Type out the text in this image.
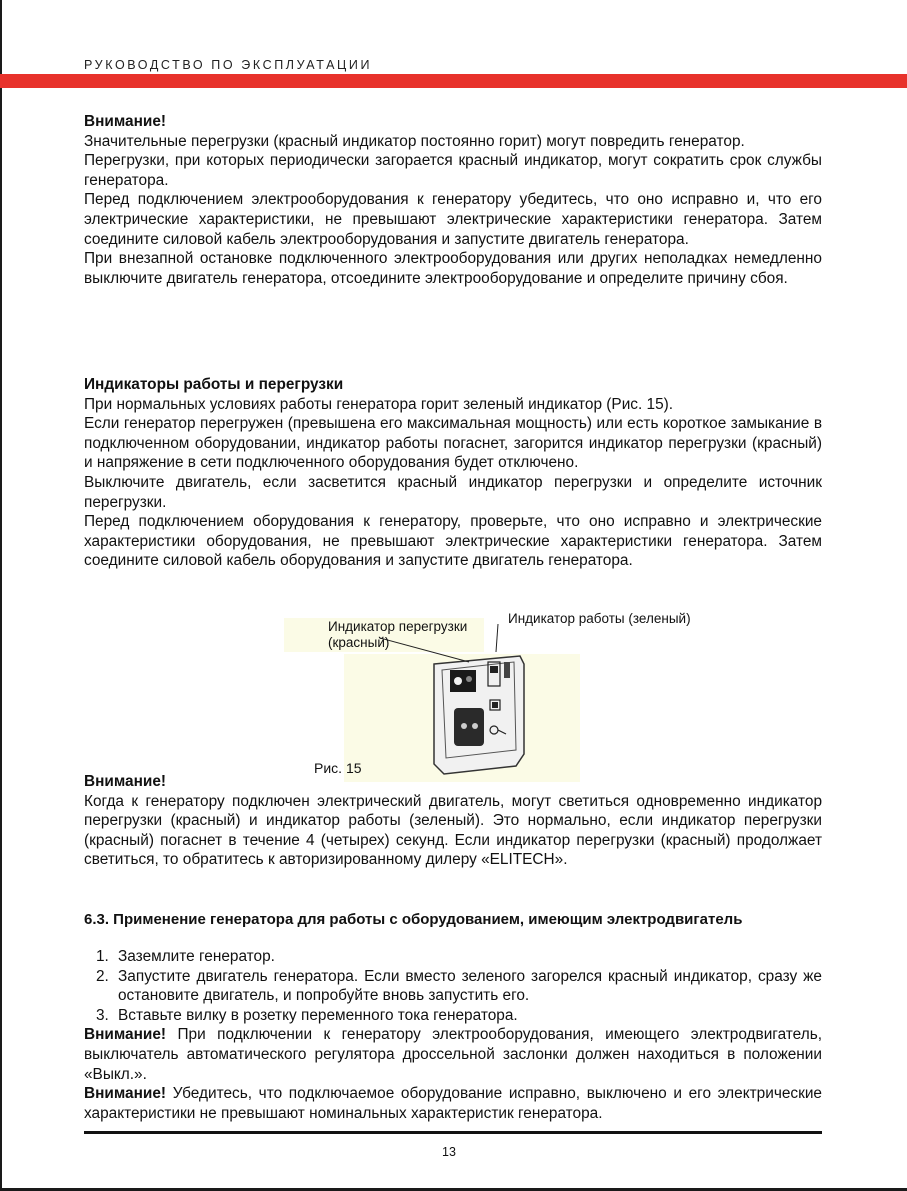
РУКОВОДСТВО ПО ЭКСПЛУАТАЦИИ

Внимание!

Значительные перегрузки (красный индикатор постоянно горит) могут повредить генератор.

Перегрузки, при которых периодически загорается красный индикатор, могут сократить срок службы генератора.

Перед подключением электрооборудования к генератору убедитесь, что оно исправно и, что его электрические характеристики, не превышают электрические характеристики генератора. Затем соедините силовой кабель электрооборудования и запустите двигатель генератора.

При внезапной остановке подключенного электрооборудования или других неполадках немедленно выключите двигатель генератора, отсоедините электрооборудование и определите причину сбоя.

Индикаторы работы и перегрузки

При нормальных условиях работы генератора горит зеленый индикатор (Рис. 15).

Если генератор перегружен (превышена его максимальная мощность) или есть короткое замыкание в подключенном оборудовании, индикатор работы погаснет, загорится индикатор перегрузки (красный) и напряжение в сети подключенного оборудования будет отключено.

Выключите двигатель, если засветится красный индикатор перегрузки и определите источник перегрузки.

Перед подключением оборудования к генератору, проверьте, что оно исправно и электрические характеристики оборудования, не превышают электрические характеристики генератора. Затем соедините силовой кабель оборудования и запустите двигатель генератора.

Индикатор перегрузки
(красный)
Индикатор работы (зеленый)
Рис. 15

Внимание!

Когда к генератору подключен электрический двигатель, могут светиться одновременно индикатор перегрузки (красный) и индикатор работы (зеленый). Это нормально, если индикатор перегрузки (красный) погаснет в течение 4 (четырех) секунд. Если индикатор перегрузки (красный) продолжает светиться, то обратитесь к авторизированному дилеру «ELITECH».

6.3. Применение генератора для работы с оборудованием, имеющим электродвигатель

1. Заземлите генератор.
2. Запустите двигатель генератора. Если вместо зеленого загорелся красный индикатор, сразу же остановите двигатель, и попробуйте вновь запустить его.
3. Вставьте вилку в розетку переменного тока генератора.

Внимание! При подключении к генератору электрооборудования, имеющего электродвигатель, выключатель автоматического регулятора дроссельной заслонки должен находиться в положении «Выкл.».

Внимание! Убедитесь, что подключаемое оборудование исправно, выключено и его электрические характеристики не превышают номинальных характеристик генератора.

13
